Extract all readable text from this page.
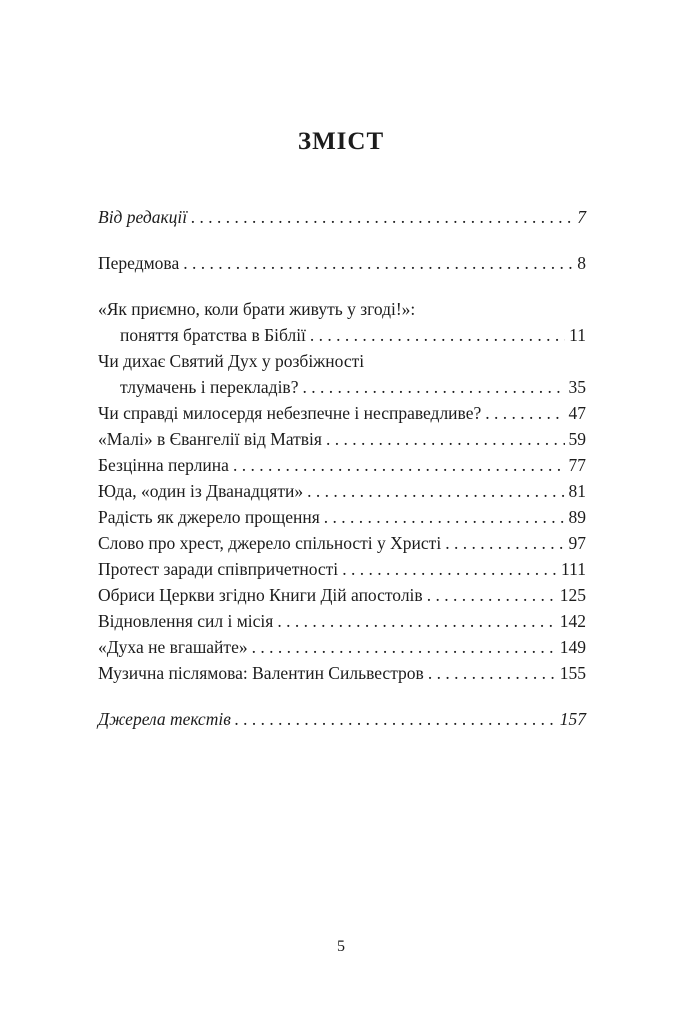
ЗМІСТ
Від редакції . . .	7
Передмова . . .	8
«Як приємно, коли брати живуть у згоді!»:
поняття братства в Біблії . . .	11
Чи дихає Святий Дух у розбіжності
тлумачень і перекладів? . . .	35
Чи справді милосердя небезпечне і несправедливе? . . .	47
«Малі» в Євангелії від Матвія . . .	59
Безцінна перлина . . .	77
Юда, «один із Дванадцяти» . . .	81
Радість як джерело прощення . . .	89
Слово про хрест, джерело спільності у Христі . . .	97
Протест заради співпричетності . . .	111
Обриси Церкви згідно Книги Дій апостолів . . .	125
Відновлення сил і місія . . .	142
«Духа не вгашайте» . . .	149
Музична післямова: Валентин Сильвестров . . .	155
Джерела текстів . . .	157
5
